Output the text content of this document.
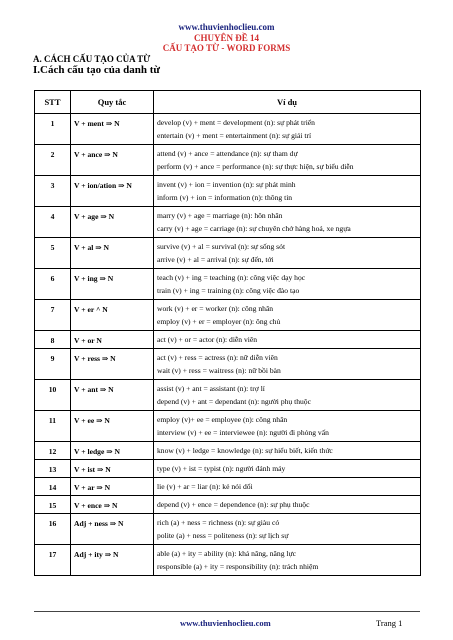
www.thuvienhoclieu.com
CHUYÊN ĐỀ 14
CẤU TẠO TỪ - WORD FORMS
A. CÁCH CẤU TẠO CỦA TỪ
I.Cách cấu tạo của danh từ
STT	Quy tắc	Ví dụ
1	V + ment ⇒ N	develop (v) + ment = development (n): sự phát triển
entertain (v) + ment = entertainment (n): sự giải trí

2	V + ance ⇒ N	attend (v) + ance = attendance (n): sự tham dự
perform (v) + ance = performance (n): sự thực hiện, sự biểu diễn

3	V + ion/ation ⇒ N	invent (v) + ion = invention (n): sự phát minh
inform (v) + ion = information (n): thông tin

4	V + age ⇒ N	marry (v) + age = marriage (n): hôn nhân
carry (v) + age = carriage (n): sự chuyên chở hàng hoá, xe ngựa

5	V + al ⇒ N	survive (v) + al = survival (n): sự sống sót
arrive (v) + al = arrival (n): sự đến, tới

6	V + ing ⇒ N	teach (v) + ing = teaching (n): công việc dạy học
train (v) + ing = training (n): công việc đào tạo

7	V + er ^ N	work (v) + er = worker (n): công nhân
employ (v) + er = employer (n): ông chủ

8	V + or N	act (v) + or = actor (n): diễn viên

9	V + ress ⇒ N	act (v) + ress = actress (n): nữ diễn viên
wait (v) + ress = waitress (n): nữ bồi bàn

10	V + ant ⇒ N	assist (v) + ant = assistant (n): trợ lí
depend (v) + ant = dependant (n): người phụ thuộc

11	V + ee ⇒ N	employ (v)+ ee = employee (n): công nhân
interview (v) + ee = interviewee (n): người đi phỏng vấn

12	V + ledge ⇒ N	know (v) + ledge = knowledge (n): sự hiểu biết, kiến thức

13	V + ist ⇒ N	type (v) + ist = typist (n): người đánh máy

14	V + ar ⇒ N	lie (v) + ar = liar (n): kẻ nói dối

15	V + ence ⇒ N	depend (v) + ence = dependence (n): sự phụ thuộc

16	Adj + ness ⇒ N	rich (a) + ness = richness (n): sự giàu có
polite (a) + ness = politeness (n): sự lịch sự

17	Adj + ity ⇒ N	able (a) + ity = ability (n): khả năng, năng lực
responsible (a) + ity = responsibility (n): trách nhiệm
www.thuvienhoclieu.com	Trang 1
